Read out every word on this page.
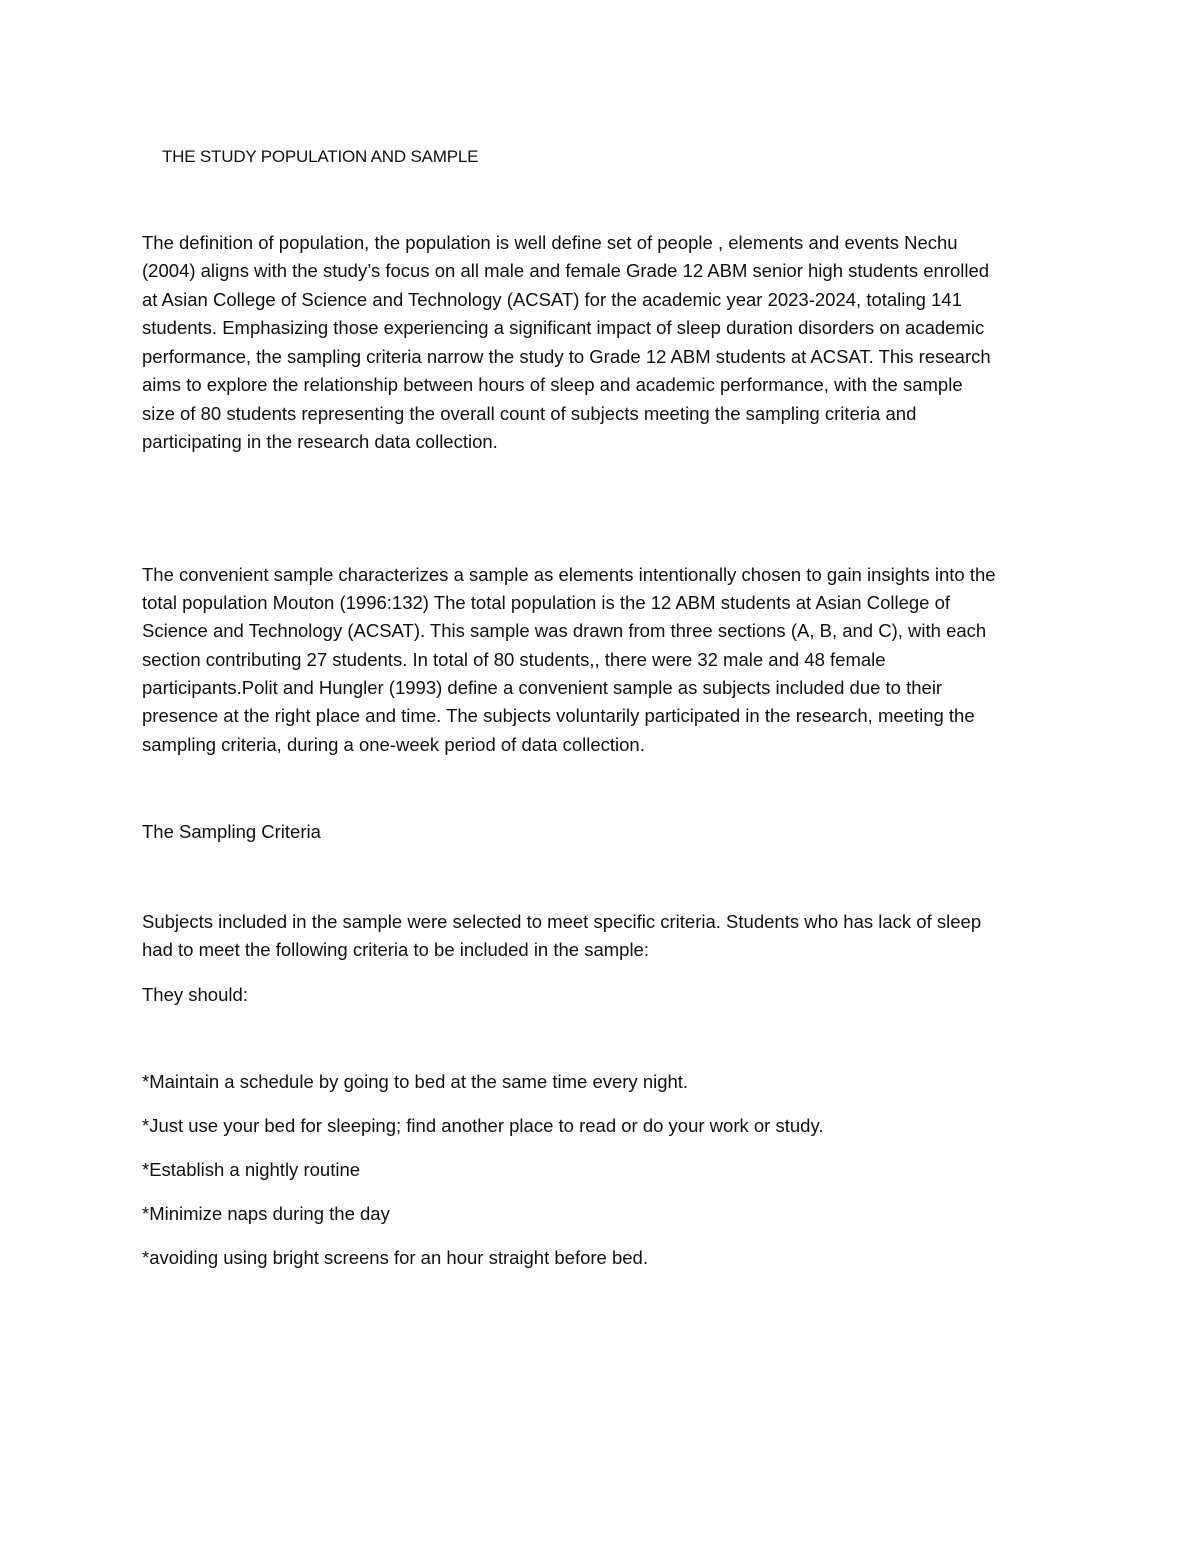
THE STUDY POPULATION AND SAMPLE

The definition of population, the population is well define set of people , elements and events Nechu

(2004) aligns with the study’s focus on all male and female Grade 12 ABM senior high students enrolled

at Asian College of Science and Technology (ACSAT) for the academic year 2023-2024, totaling 141

students. Emphasizing those experiencing a significant impact of sleep duration disorders on academic

performance, the sampling criteria narrow the study to Grade 12 ABM students at ACSAT. This research

aims to explore the relationship between hours of sleep and academic performance, with the sample

size of 80 students representing the overall count of subjects meeting the sampling criteria and

participating in the research data collection.

The convenient sample characterizes a sample as elements intentionally chosen to gain insights into the

total population Mouton (1996:132) The total population is the 12 ABM students at Asian College of

Science and Technology (ACSAT). This sample was drawn from three sections (A, B, and C), with each

section contributing 27 students. In total of 80 students,, there were 32 male and 48 female

participants.Polit and Hungler (1993) define a convenient sample as subjects included due to their

presence at the right place and time. The subjects voluntarily participated in the research, meeting the

sampling criteria, during a one-week period of data collection.

The Sampling Criteria

Subjects included in the sample were selected to meet specific criteria. Students who has lack of sleep

had to meet the following criteria to be included in the sample:

They should:

*Maintain a schedule by going to bed at the same time every night.

*Just use your bed for sleeping; find another place to read or do your work or study.

*Establish a nightly routine

*Minimize naps during the day

*avoiding using bright screens for an hour straight before bed.
